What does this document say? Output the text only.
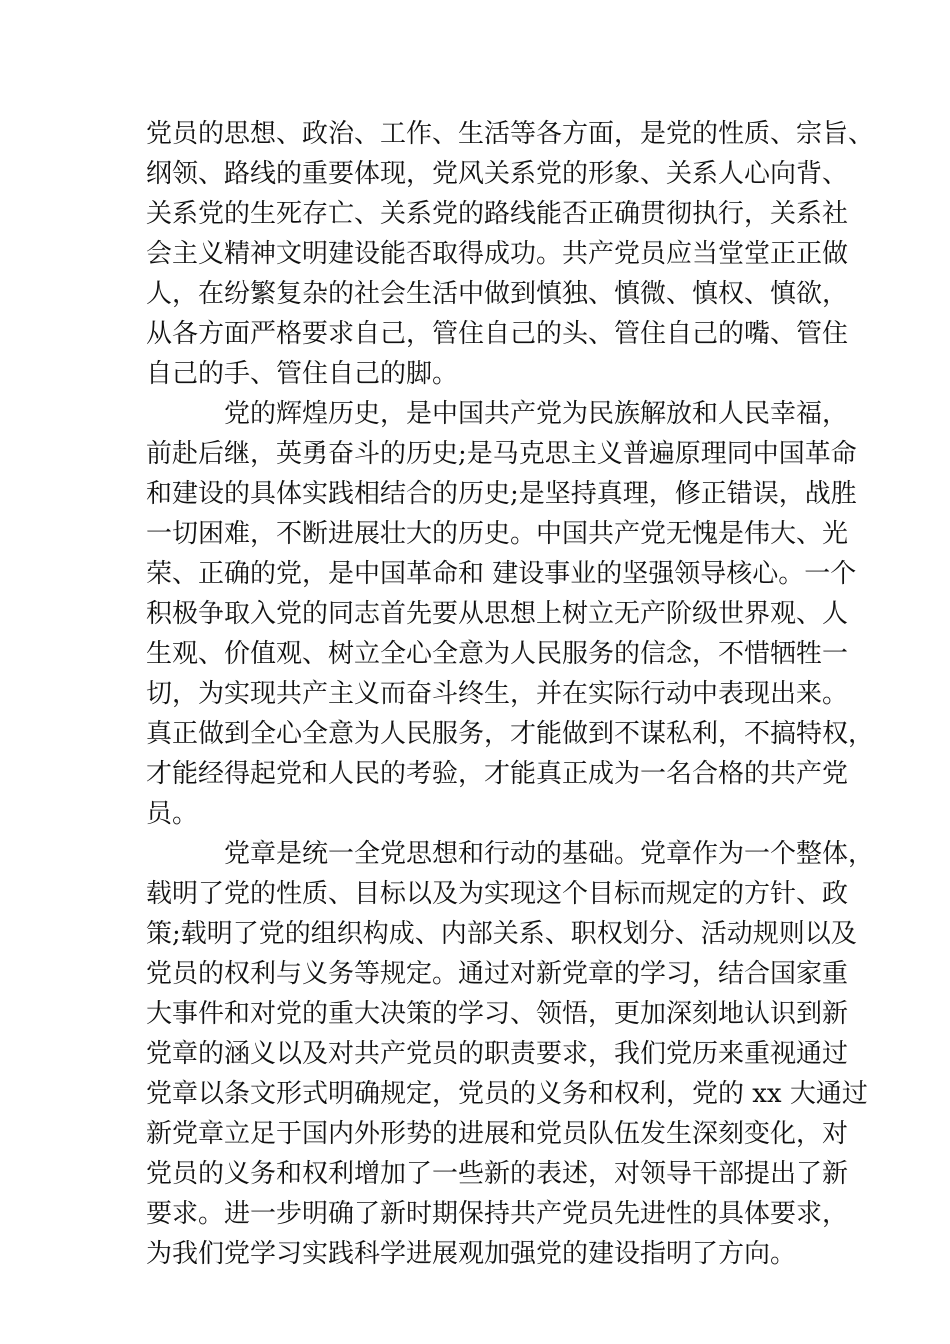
党员的思想、政治、工作、生活等各方面，是党的性质、宗旨、
纲领、路线的重要体现，党风关系党的形象、关系人心向背、
关系党的生死存亡、关系党的路线能否正确贯彻执行，关系社
会主义精神文明建设能否取得成功。共产党员应当堂堂正正做
人，在纷繁复杂的社会生活中做到慎独、慎微、慎权、慎欲，
从各方面严格要求自己，管住自己的头、管住自己的嘴、管住
自己的手、管住自己的脚。
　　　党的辉煌历史，是中国共产党为民族解放和人民幸福，
前赴后继，英勇奋斗的历史;是马克思主义普遍原理同中国革命
和建设的具体实践相结合的历史;是坚持真理，修正错误，战胜
一切困难，不断进展壮大的历史。中国共产党无愧是伟大、光
荣、正确的党，是中国革命和 建设事业的坚强领导核心。一个
积极争取入党的同志首先要从思想上树立无产阶级世界观、人
生观、价值观、树立全心全意为人民服务的信念，不惜牺牲一
切，为实现共产主义而奋斗终生，并在实际行动中表现出来。
真正做到全心全意为人民服务，才能做到不谋私利，不搞特权，
才能经得起党和人民的考验，才能真正成为一名合格的共产党
员。
　　　党章是统一全党思想和行动的基础。党章作为一个整体，
载明了党的性质、目标以及为实现这个目标而规定的方针、政
策;载明了党的组织构成、内部关系、职权划分、活动规则以及
党员的权利与义务等规定。通过对新党章的学习，结合国家重
大事件和对党的重大决策的学习、领悟，更加深刻地认识到新
党章的涵义以及对共产党员的职责要求，我们党历来重视通过
党章以条文形式明确规定，党员的义务和权利，党的 xx 大通过
新党章立足于国内外形势的进展和党员队伍发生深刻变化，对
党员的义务和权利增加了一些新的表述，对领导干部提出了新
要求。进一步明确了新时期保持共产党员先进性的具体要求，
为我们党学习实践科学进展观加强党的建设指明了方向。
